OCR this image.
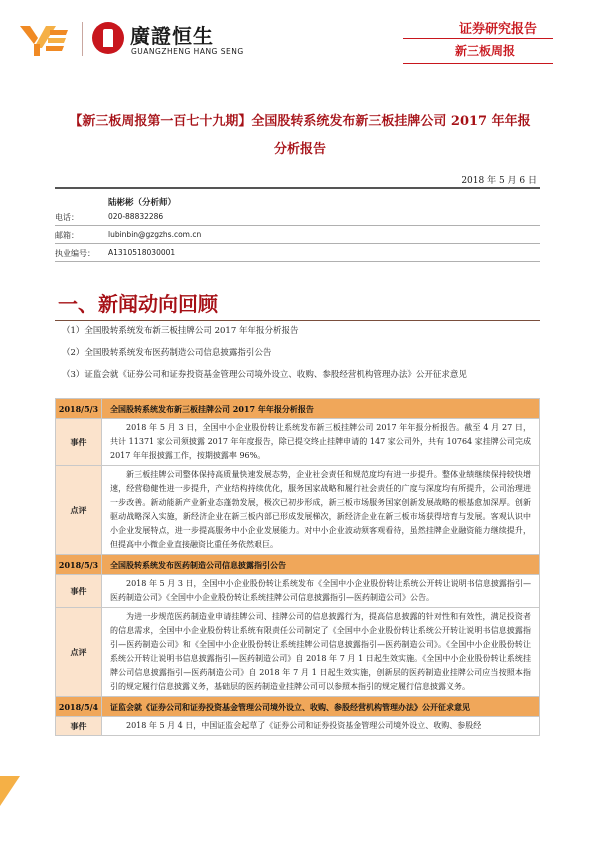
廣證恒生
GUANGZHENG HANG SENG
证券研究报告
新三板周报
【新三板周报第一百七十九期】全国股转系统发布新三板挂牌公司 2017 年年报
分析报告
2018 年 5 月 6 日
陆彬彬（分析师）
电话：	020-88832286
邮箱：	lubinbin@gzgzhs.com.cn
执业编号： A1310518030001
一、新闻动向回顾
（1）全国股转系统发布新三板挂牌公司 2017 年年报分析报告
（2）全国股转系统发布医药制造公司信息披露指引公告
（3）证监会就《证券公司和证券投资基金管理公司境外设立、收购、参股经营机构管理办法》公开征求意见
2018/5/3	全国股转系统发布新三板挂牌公司 2017 年年报分析报告
事件	2018 年 5 月 3 日，全国中小企业股份转让系统发布新三板挂牌公司 2017 年年报分析报告。截至 4 月 27 日，共计 11371 家公司须披露 2017 年年度报告，除已提交终止挂牌申请的 147 家公司外，共有 10764 家挂牌公司完成 2017 年年报披露工作，按期披露率 96%。

点评	新三板挂牌公司整体保持高质量快速发展态势，企业社会责任和规范度均有进一步提升。整体业绩继续保持较快增速，经营稳健性进一步提升，产业结构持续优化，服务国家战略和履行社会责任的广度与深度均有所提升，公司治理进一步改善。新动能新产业新业态蓬勃发展，极次已初步形成，新三板市场服务国家创新发展战略的根基愈加深厚。创新驱动战略深入实施，新经济企业在新三板内部已形成发展梯次，新经济企业在新三板市场获得培育与发展。客观认识中小企业发展特点，进一步提高服务中小企业发展能力。对中小企业波动须客观看待，虽然挂牌企业融资能力继续提升，但提高中小微企业直接融资比重任务依然艰巨。

2018/5/3	全国股转系统发布医药制造公司信息披露指引公告
事件	2018 年 5 月 3 日，全国中小企业股份转让系统发布《全国中小企业股份转让系统公开转让说明书信息披露指引—医药制造公司》《全国中小企业股份转让系统挂牌公司信息披露指引—医药制造公司》公告。

点评	为进一步规范医药制造业申请挂牌公司、挂牌公司的信息披露行为，提高信息披露的针对性和有效性，满足投资者的信息需求，全国中小企业股份转让系统有限责任公司制定了《全国中小企业股份转让系统公开转让说明书信息披露指引—医药制造公司》和《全国中小企业股份转让系统挂牌公司信息披露指引—医药制造公司》。《全国中小企业股份转让系统公开转让说明书信息披露指引—医药制造公司》自 2018 年 7 月 1 日起生效实施。《全国中小企业股份转让系统挂牌公司信息披露指引—医药制造公司》自 2018 年 7 月 1 日起生效实施，创新层的医药制造业挂牌公司应当按照本指引的规定履行信息披露义务，基础层的医药制造业挂牌公司可以参照本指引的规定履行信息披露义务。

2018/5/4	证监会就《证券公司和证券投资基金管理公司境外设立、收购、参股经营机构管理办法》公开征求意见
事件	2018 年 5 月 4 日，中国证监会起草了《证券公司和证券投资基金管理公司境外设立、收购、参股经
